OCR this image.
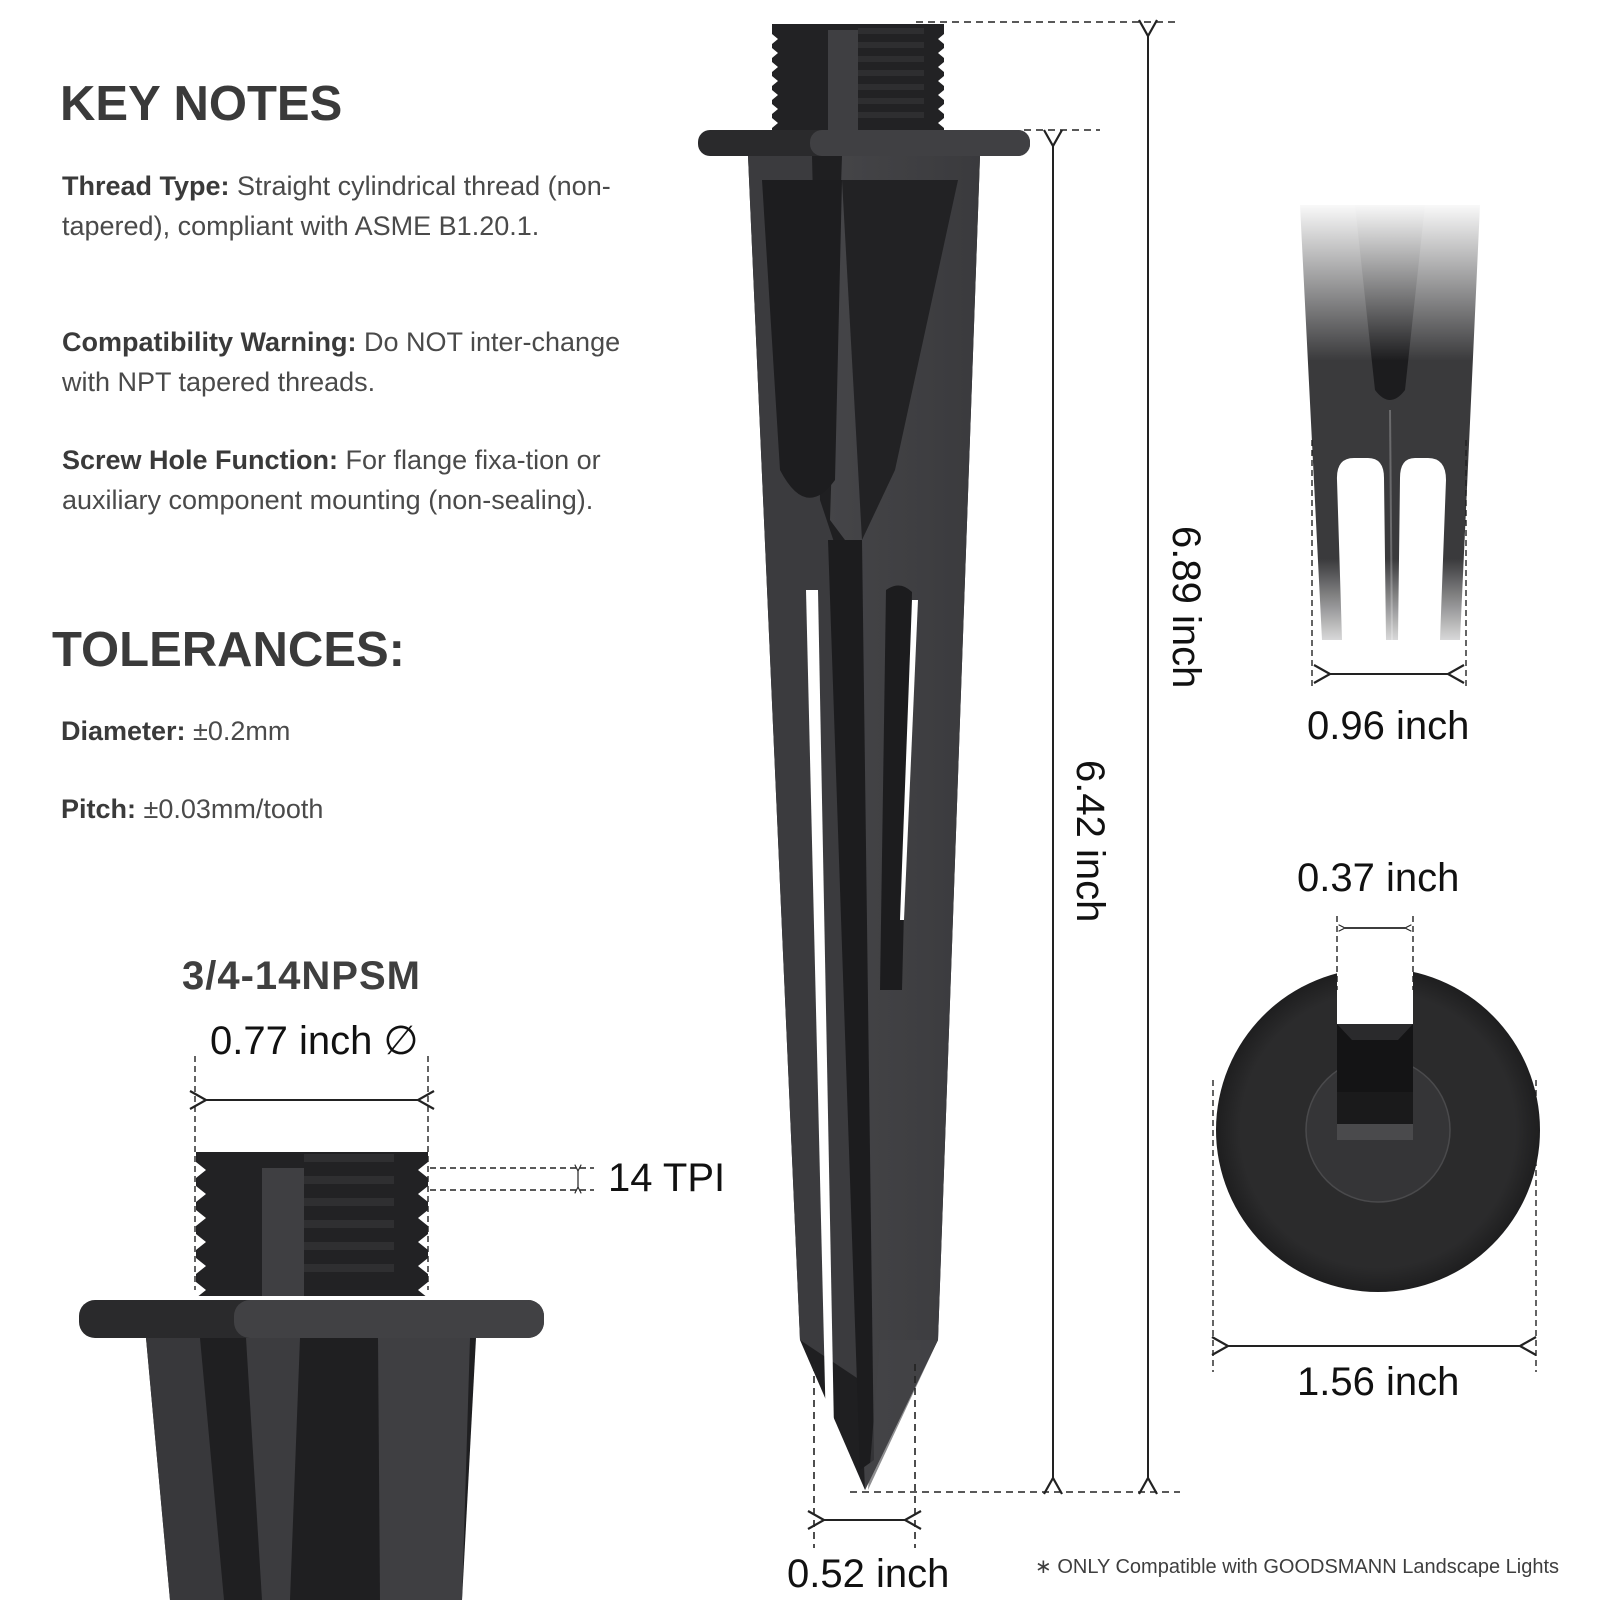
KEY NOTES
Thread Type: Straight cylindrical thread (non-tapered), compliant with ASME B1.20.1.
Compatibility Warning: Do NOT inter-change with NPT tapered threads.
Screw Hole Function: For flange fixa-tion or auxiliary component mounting (non-sealing).
TOLERANCES:
Diameter: ±0.2mm
Pitch: ±0.03mm/tooth
6.89 inch
6.42 inch
0.52 inch
0.96 inch
0.37 inch
1.56 inch
3/4-14NPSM
0.77 inch ∅
14 TPI
∗ ONLY Compatible with GOODSMANN Landscape Lights
